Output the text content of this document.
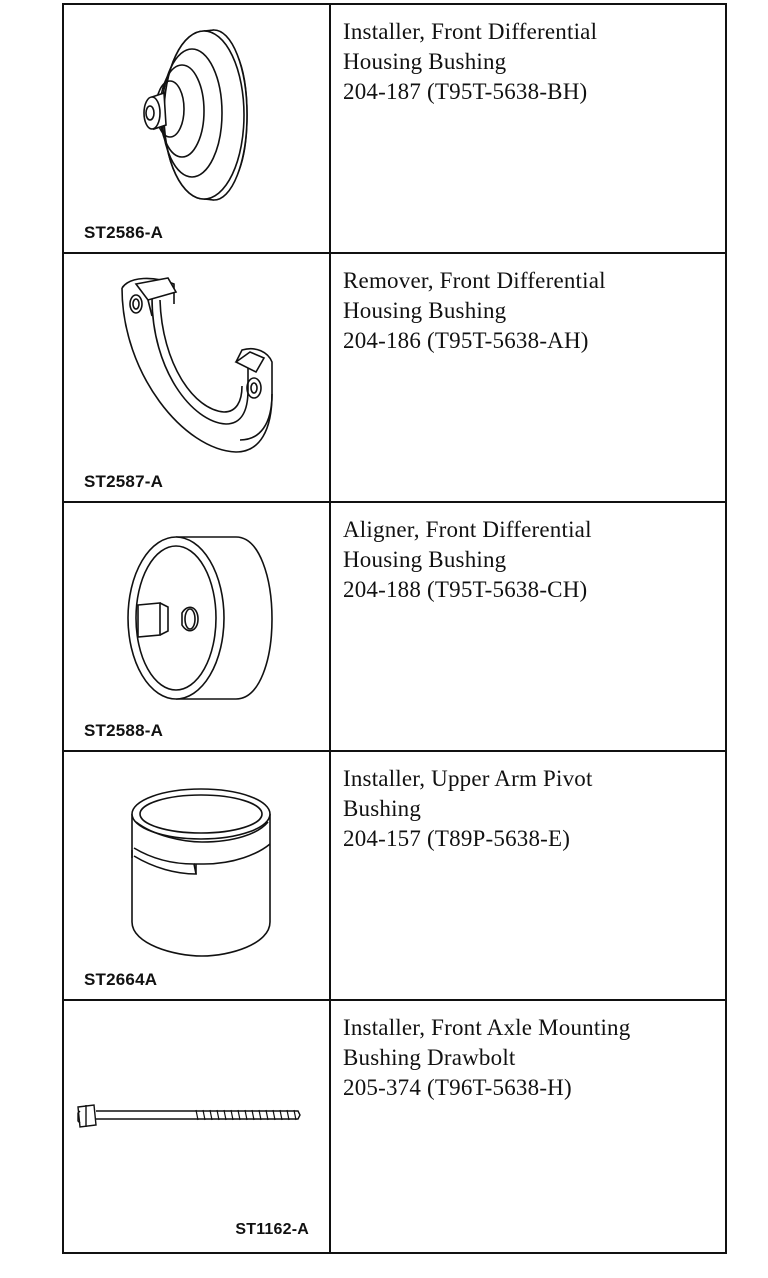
ST2586-A	Installer, Front Differential
Housing Bushing
204-187 (T95T-5638-BH)

ST2587-A	Remover, Front Differential
Housing Bushing
204-186 (T95T-5638-AH)

ST2588-A	Aligner, Front Differential
Housing Bushing
204-188 (T95T-5638-CH)

ST2664A	Installer, Upper Arm Pivot
Bushing
204-157 (T89P-5638-E)

ST1162-A	Installer, Front Axle Mounting
Bushing Drawbolt
205-374 (T96T-5638-H)
